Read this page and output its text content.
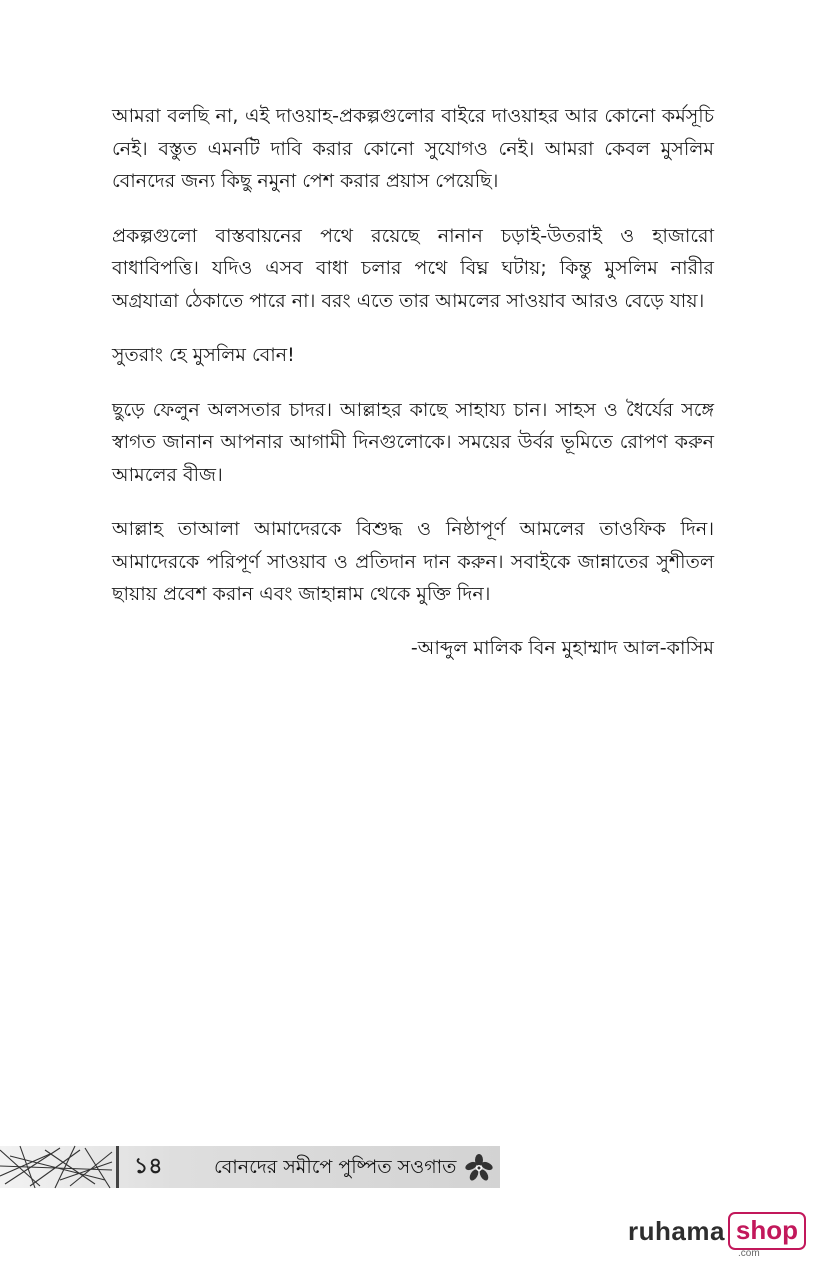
আমরা বলছি না, এই দাওয়াহ-প্রকল্পগুলোর বাইরে দাওয়াহর আর কোনো কর্মসূচি নেই। বস্তুত এমনটি দাবি করার কোনো সুযোগও নেই। আমরা কেবল মুসলিম বোনদের জন্য কিছু নমুনা পেশ করার প্রয়াস পেয়েছি।

প্রকল্পগুলো বাস্তবায়নের পথে রয়েছে নানান চড়াই-উতরাই ও হাজারো বাধাবিপত্তি। যদিও এসব বাধা চলার পথে বিঘ্ন ঘটায়; কিন্তু মুসলিম নারীর অগ্রযাত্রা ঠেকাতে পারে না। বরং এতে তার আমলের সাওয়াব আরও বেড়ে যায়।

সুতরাং হে মুসলিম বোন!

ছুড়ে ফেলুন অলসতার চাদর। আল্লাহর কাছে সাহায্য চান। সাহস ও ধৈর্যের সঙ্গে স্বাগত জানান আপনার আগামী দিনগুলোকে। সময়ের উর্বর ভূমিতে রোপণ করুন আমলের বীজ।

আল্লাহ তাআলা আমাদেরকে বিশুদ্ধ ও নিষ্ঠাপূর্ণ আমলের তাওফিক দিন। আমাদেরকে পরিপূর্ণ সাওয়াব ও প্রতিদান দান করুন। সবাইকে জান্নাতের সুশীতল ছায়ায় প্রবেশ করান এবং জাহান্নাম থেকে মুক্তি দিন।

-আব্দুল মালিক বিন মুহাম্মাদ আল-কাসিম
১৪	বোনদের সমীপে পুষ্পিত সওগাত
ruhama shop
.com
